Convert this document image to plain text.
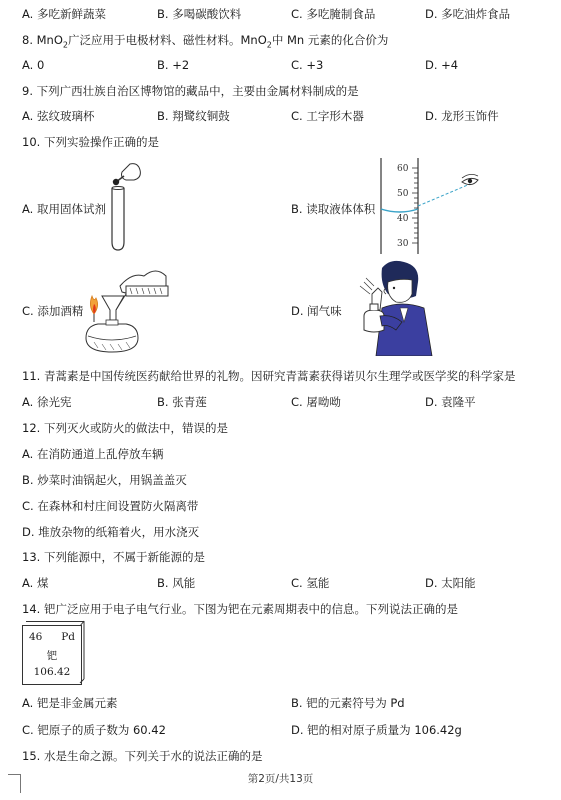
A. 多吃新鲜蔬菜	B. 多喝碳酸饮料	C. 多吃腌制食品	D. 多吃油炸食品
8. MnO$_2$广泛应用于电极材料、磁性材料。MnO$_2$中 Mn 元素的化合价为
A. 0	B. +2	C. +3	D. +4
9. 下列广西壮族自治区博物馆的藏品中，主要由金属材料制成的是
A. 弦纹玻璃杯	B. 翔鹭纹铜鼓	C. 工字形木器	D. 龙形玉饰件
10. 下列实验操作正确的是
A. 取用固体试剂	B. 读取液体体积
60
50
40
30
C. 添加酒精	D. 闻气味
11. 青蒿素是中国传统医药献给世界的礼物。因研究青蒿素获得诺贝尔生理学或医学奖的科学家是
A. 徐光宪	B. 张青莲	C. 屠呦呦	D. 袁隆平
12. 下列灭火或防火的做法中，错误的是
A. 在消防通道上乱停放车辆
B. 炒菜时油锅起火，用锅盖盖灭
C. 在森林和村庄间设置防火隔离带
D. 堆放杂物的纸箱着火，用水浇灭
13. 下列能源中，不属于新能源的是
A. 煤	B. 风能	C. 氢能	D. 太阳能
14. 钯广泛应用于电子电气行业。下图为钯在元素周期表中的信息。下列说法正确的是
46 Pd
钯
106.42
A. 钯是非金属元素	B. 钯的元素符号为 Pd
C. 钯原子的质子数为 60.42	D. 钯的相对原子质量为 106.42g
15. 水是生命之源。下列关于水的说法正确的是
第2页/共13页
